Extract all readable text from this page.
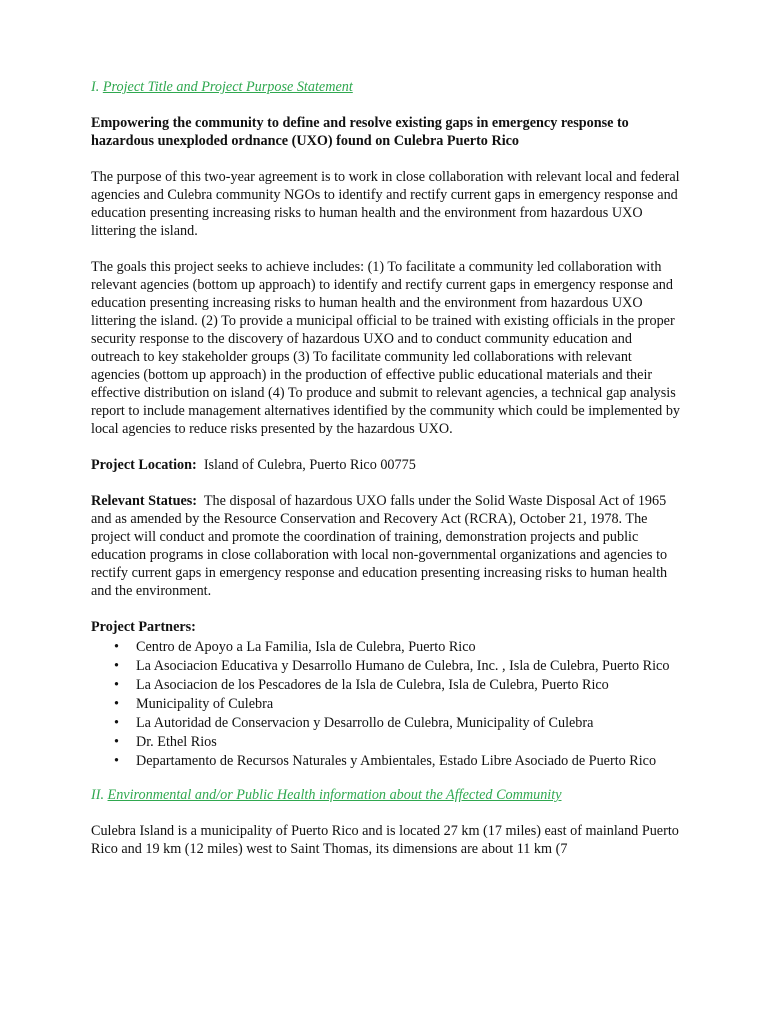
I. Project Title and Project Purpose Statement
Empowering the community to define and resolve existing gaps in emergency response to hazardous unexploded ordnance (UXO) found on Culebra Puerto Rico

The purpose of this two-year agreement is to work in close collaboration with relevant local and federal agencies and Culebra community NGOs to identify and rectify current gaps in emergency response and education presenting increasing risks to human health and the environment from hazardous UXO littering the island.

The goals this project seeks to achieve includes: (1) To facilitate a community led collaboration with relevant agencies (bottom up approach) to identify and rectify current gaps in emergency response and education presenting increasing risks to human health and the environment from hazardous UXO littering the island. (2) To provide a municipal official to be trained with existing officials in the proper security response to the discovery of hazardous UXO and to conduct community education and outreach to key stakeholder groups (3) To facilitate community led collaborations with relevant agencies (bottom up approach) in the production of effective public educational materials and their effective distribution on island (4) To produce and submit to relevant agencies, a technical gap analysis report to include management alternatives identified by the community which could be implemented by local agencies to reduce risks presented by the hazardous UXO.

Project Location: Island of Culebra, Puerto Rico 00775

Relevant Statues: The disposal of hazardous UXO falls under the Solid Waste Disposal Act of 1965 and as amended by the Resource Conservation and Recovery Act (RCRA), October 21, 1978. The project will conduct and promote the coordination of training, demonstration projects and public education programs in close collaboration with local non-governmental organizations and agencies to rectify current gaps in emergency response and education presenting increasing risks to human health and the environment.

Project Partners:
• Centro de Apoyo a La Familia, Isla de Culebra, Puerto Rico
• La Asociacion Educativa y Desarrollo Humano de Culebra, Inc. , Isla de Culebra, Puerto Rico
• La Asociacion de los Pescadores de la Isla de Culebra, Isla de Culebra, Puerto Rico
• Municipality of Culebra
• La Autoridad de Conservacion y Desarrollo de Culebra, Municipality of Culebra
• Dr. Ethel Rios
• Departamento de Recursos Naturales y Ambientales, Estado Libre Asociado de Puerto Rico
II. Environmental and/or Public Health information about the Affected Community

Culebra Island is a municipality of Puerto Rico and is located 27 km (17 miles) east of mainland Puerto Rico and 19 km (12 miles) west to Saint Thomas, its dimensions are about 11 km (7
